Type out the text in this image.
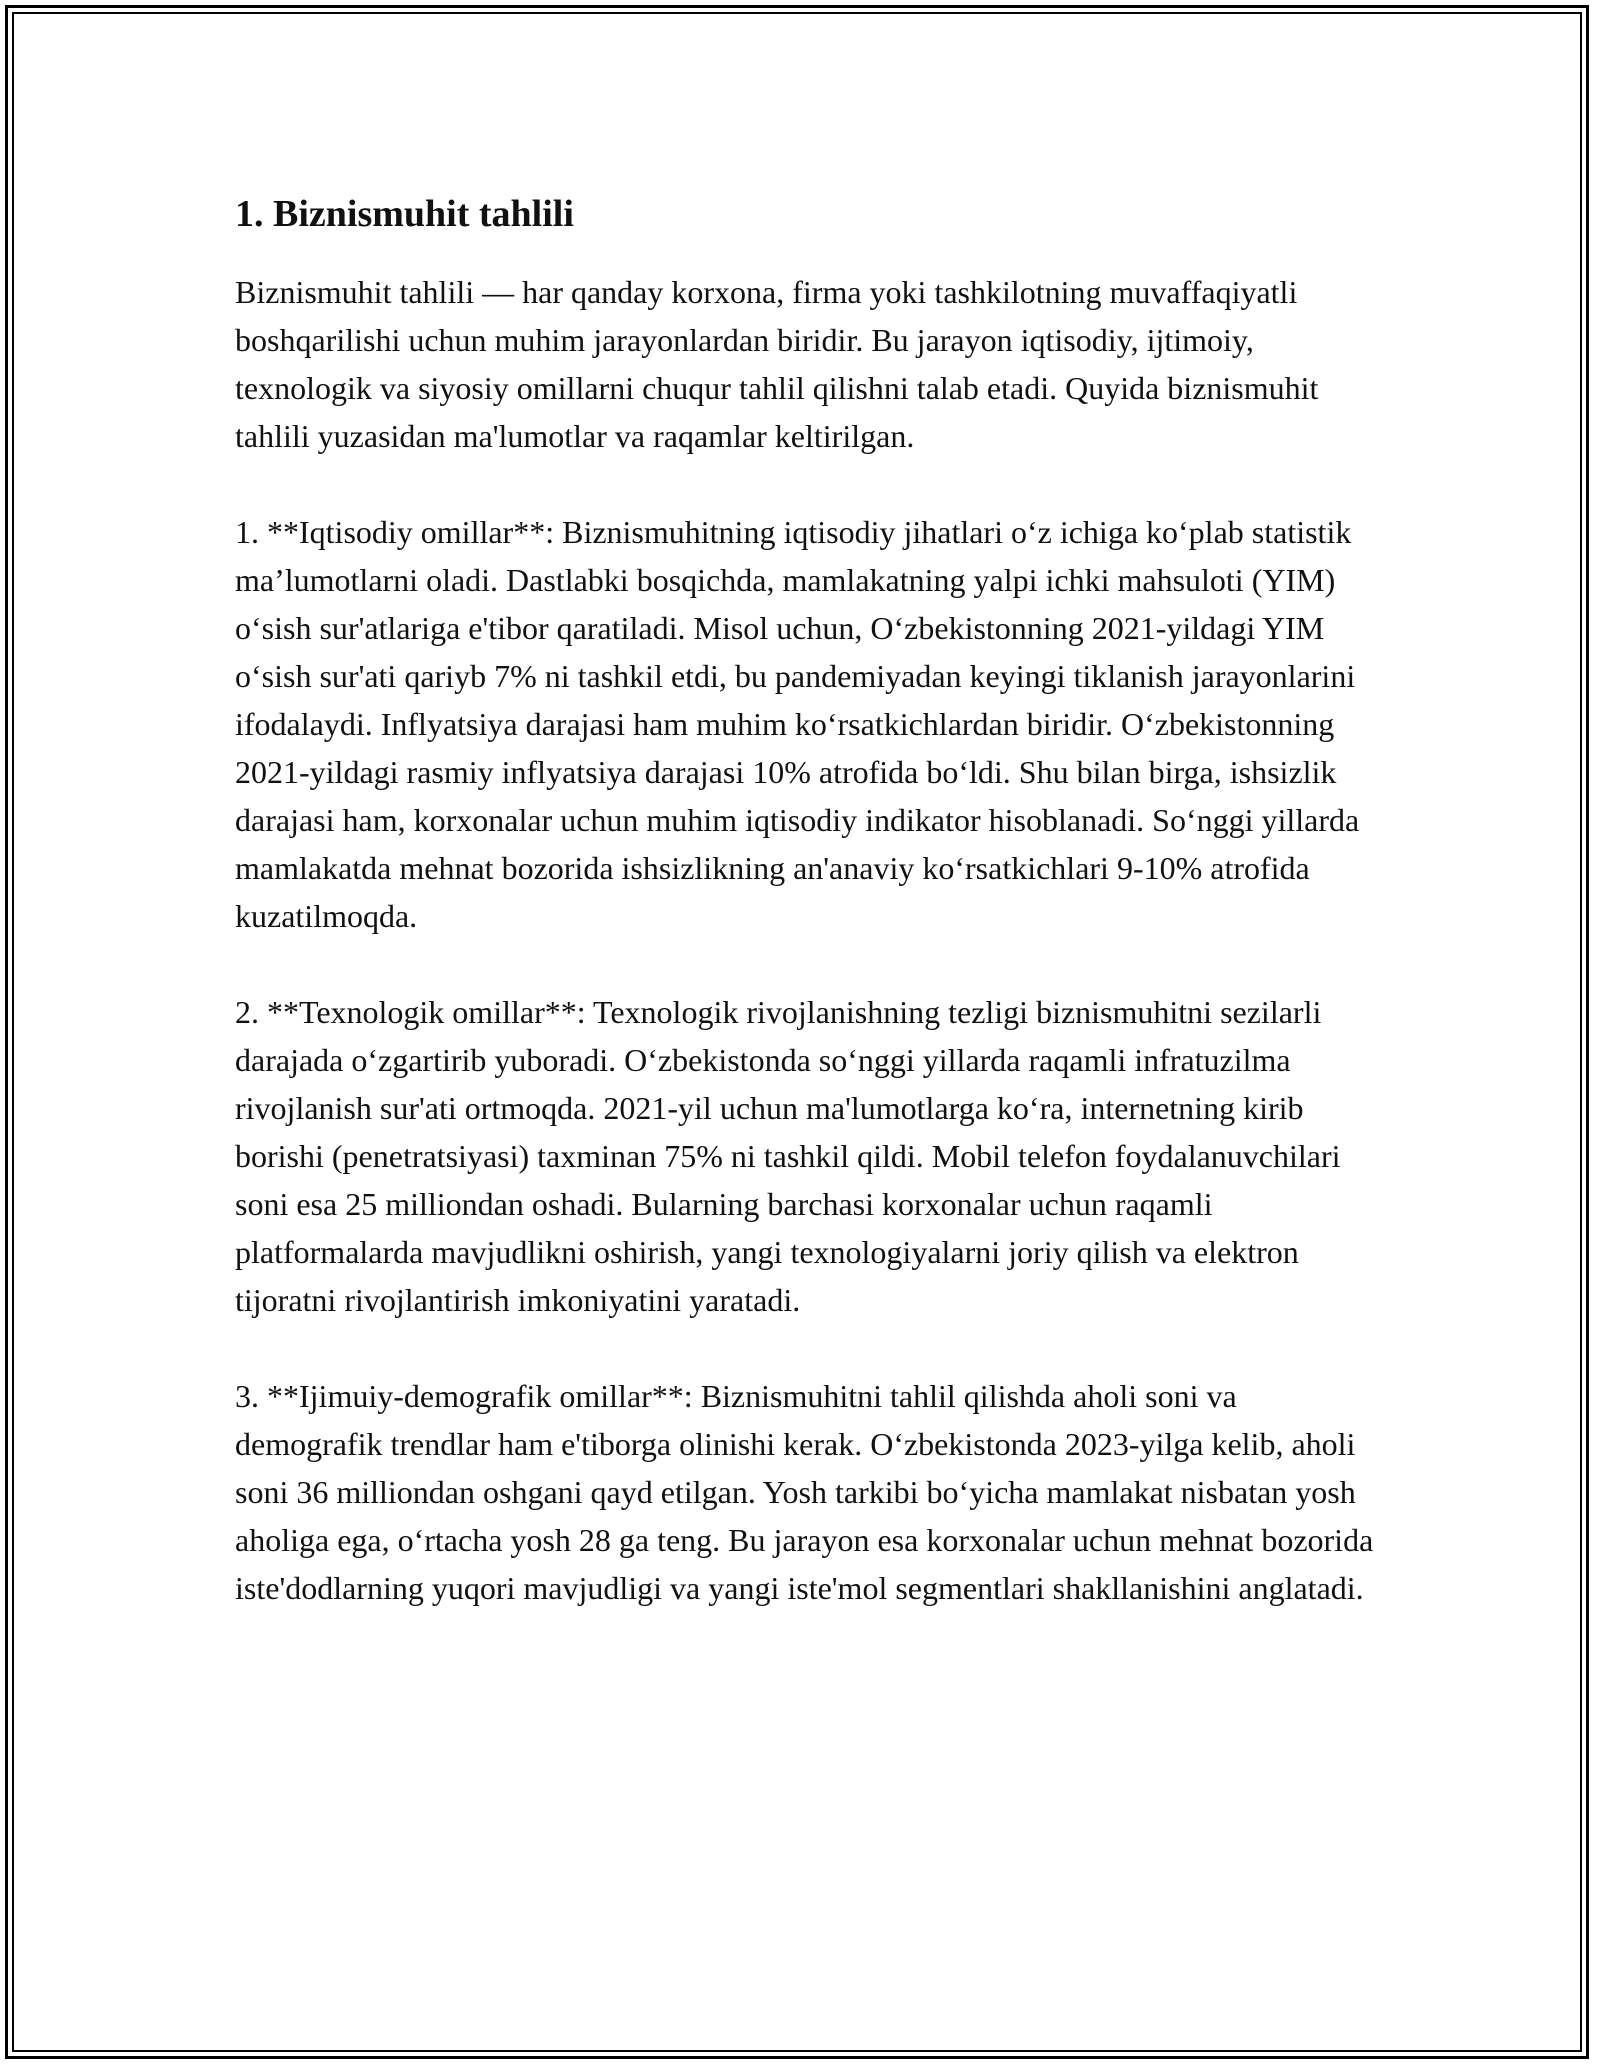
1. Biznismuhit tahlili

Biznismuhit tahlili — har qanday korxona, firma yoki tashkilotning muvaffaqiyatli boshqarilishi uchun muhim jarayonlardan biridir. Bu jarayon iqtisodiy, ijtimoiy, texnologik va siyosiy omillarni chuqur tahlil qilishni talab etadi. Quyida biznismuhit tahlili yuzasidan ma'lumotlar va raqamlar keltirilgan.

1. **Iqtisodiy omillar**: Biznismuhitning iqtisodiy jihatlari o‘z ichiga ko‘plab statistik ma’lumotlarni oladi. Dastlabki bosqichda, mamlakatning yalpi ichki mahsuloti (YIM) o‘sish sur'atlariga e'tibor qaratiladi. Misol uchun, O‘zbekistonning 2021-yildagi YIM o‘sish sur'ati qariyb 7% ni tashkil etdi, bu pandemiyadan keyingi tiklanish jarayonlarini ifodalaydi. Inflyatsiya darajasi ham muhim ko‘rsatkichlardan biridir. O‘zbekistonning 2021-yildagi rasmiy inflyatsiya darajasi 10% atrofida bo‘ldi. Shu bilan birga, ishsizlik darajasi ham, korxonalar uchun muhim iqtisodiy indikator hisoblanadi. So‘nggi yillarda mamlakatda mehnat bozorida ishsizlikning an'anaviy ko‘rsatkichlari 9-10% atrofida kuzatilmoqda.

2. **Texnologik omillar**: Texnologik rivojlanishning tezligi biznismuhitni sezilarli darajada o‘zgartirib yuboradi. O‘zbekistonda so‘nggi yillarda raqamli infratuzilma rivojlanish sur'ati ortmoqda. 2021-yil uchun ma'lumotlarga ko‘ra, internetning kirib borishi (penetratsiyasi) taxminan 75% ni tashkil qildi. Mobil telefon foydalanuvchilari soni esa 25 milliondan oshadi. Bularning barchasi korxonalar uchun raqamli platformalarda mavjudlikni oshirish, yangi texnologiyalarni joriy qilish va elektron tijoratni rivojlantirish imkoniyatini yaratadi.

3. **Ijimuiy-demografik omillar**: Biznismuhitni tahlil qilishda aholi soni va demografik trendlar ham e'tiborga olinishi kerak. O‘zbekistonda 2023-yilga kelib, aholi soni 36 milliondan oshgani qayd etilgan. Yosh tarkibi bo‘yicha mamlakat nisbatan yosh aholiga ega, o‘rtacha yosh 28 ga teng. Bu jarayon esa korxonalar uchun mehnat bozorida iste'dodlarning yuqori mavjudligi va yangi iste'mol segmentlari shakllanishini anglatadi.
